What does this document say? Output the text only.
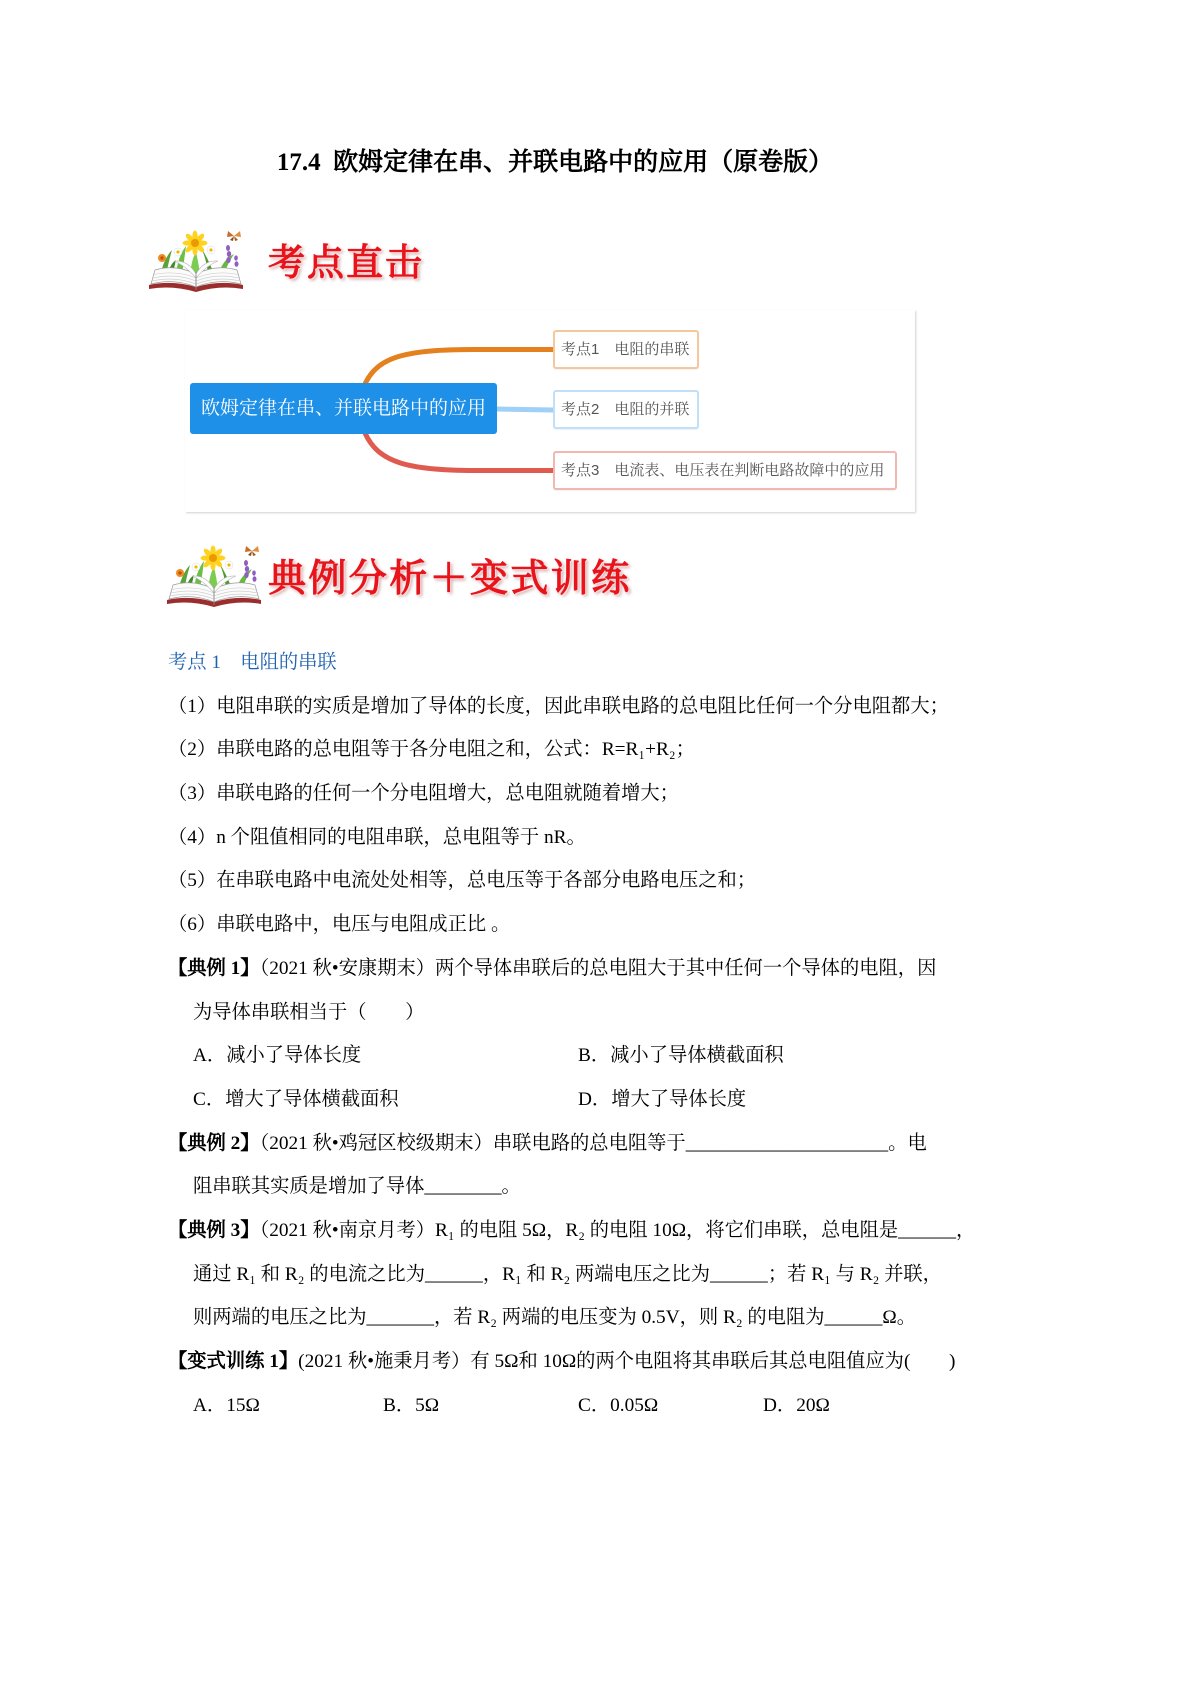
17.4  欧姆定律在串、并联电路中的应用（原卷版）
考点直击
欧姆定律在串、并联电路中的应用
考点1　电阻的串联
考点2　电阻的并联
考点3　电流表、电压表在判断电路故障中的应用
典例分析＋变式训练
考点 1　电阻的串联
（1）电阻串联的实质是增加了导体的长度，因此串联电路的总电阻比任何一个分电阻都大；
（2）串联电路的总电阻等于各分电阻之和，公式：R=R₁+R₂；
（3）串联电路的任何一个分电阻增大，总电阻就随着增大；
（4）n 个阻值相同的电阻串联，总电阻等于 nR。
（5）在串联电路中电流处处相等，总电压等于各部分电路电压之和；
（6）串联电路中，电压与电阻成正比 。
【典例 1】（2021 秋•安康期末）两个导体串联后的总电阻大于其中任何一个导体的电阻，因
为导体串联相当于（　　）
A．减小了导体长度	B．减小了导体横截面积
C．增大了导体横截面积	D．增大了导体长度
【典例 2】（2021 秋•鸡冠区校级期末）串联电路的总电阻等于_____________________。电
阻串联其实质是增加了导体________。
【典例 3】（2021 秋•南京月考）R₁ 的电阻 5Ω，R₂ 的电阻 10Ω，将它们串联，总电阻是______，
通过 R₁ 和 R₂ 的电流之比为______，R₁ 和 R₂ 两端电压之比为______；若 R₁ 与 R₂ 并联，
则两端的电压之比为_______，若 R₂ 两端的电压变为 0.5V，则 R₂ 的电阻为______Ω。
【变式训练 1】(2021 秋•施秉月考）有 5Ω和 10Ω的两个电阻将其串联后其总电阻值应为(　　)
A．15Ω	B．5Ω	C．0.05Ω	D．20Ω
